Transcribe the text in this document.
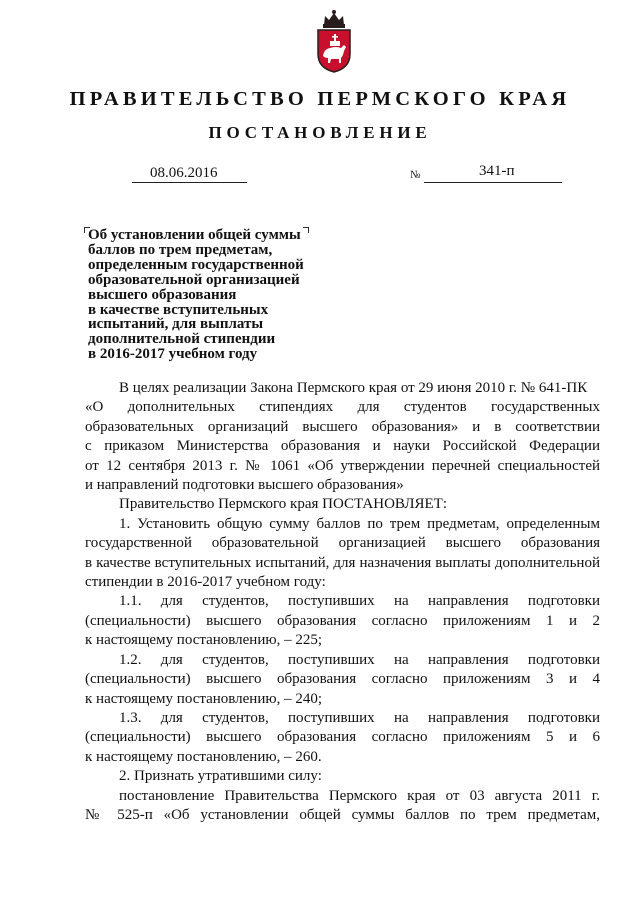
ПРАВИТЕЛЬСТВО ПЕРМСКОГО КРАЯ
ПОСТАНОВЛЕНИЕ
08.06.2016	№	341-п
Об установлении общей суммы
баллов по трем предметам,
определенным государственной
образовательной организацией
высшего образования
в качестве вступительных
испытаний, для выплаты
дополнительной стипендии
в 2016-2017 учебном году
В целях реализации Закона Пермского края от 29 июня 2010 г. № 641-ПК
«О дополнительных стипендиях для студентов государственных
образовательных организаций высшего образования» и в соответствии
с приказом Министерства образования и науки Российской Федерации
от 12 сентября 2013 г. № 1061 «Об утверждении перечней специальностей
и направлений подготовки высшего образования»
Правительство Пермского края ПОСТАНОВЛЯЕТ:
1. Установить общую сумму баллов по трем предметам, определенным
государственной образовательной организацией высшего образования
в качестве вступительных испытаний, для назначения выплаты дополнительной
стипендии в 2016-2017 учебном году:
1.1. для студентов, поступивших на направления подготовки
(специальности) высшего образования согласно приложениям 1 и 2
к настоящему постановлению, – 225;
1.2. для студентов, поступивших на направления подготовки
(специальности) высшего образования согласно приложениям 3 и 4
к настоящему постановлению, – 240;
1.3. для студентов, поступивших на направления подготовки
(специальности) высшего образования согласно приложениям 5 и 6
к настоящему постановлению, – 260.
2. Признать утратившими силу:
постановление Правительства Пермского края от 03 августа 2011 г.
№ 525-п «Об установлении общей суммы баллов по трем предметам,
